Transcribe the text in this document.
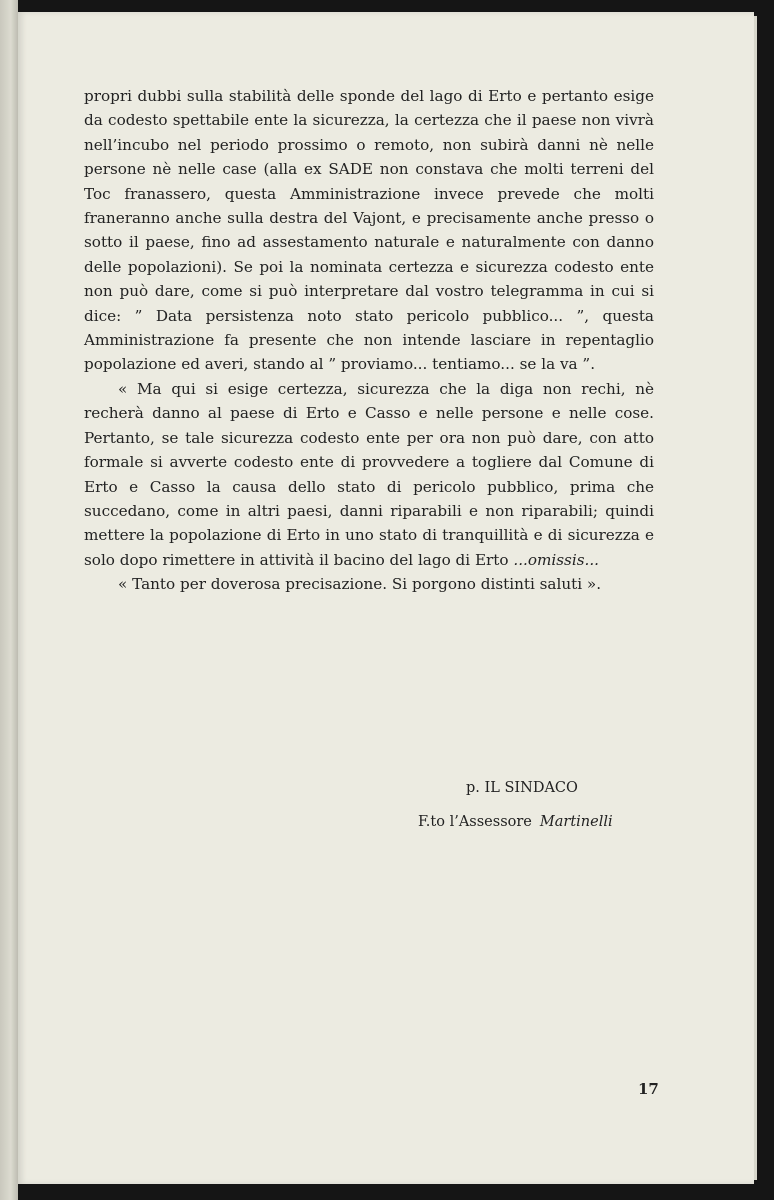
propri dubbi sulla stabilità delle sponde del lago di Erto e pertanto esige da codesto spettabile ente la sicurezza, la certezza che il paese non vivrà nell’incubo nel periodo prossimo o remoto, non subirà danni nè nelle persone nè nelle case (alla ex SADE non constava che molti terreni del Toc franassero, questa Amministrazione invece prevede che molti franeranno anche sulla destra del Vajont, e precisamente anche presso o sotto il paese, fino ad assestamento naturale e naturalmente con danno delle popolazioni). Se poi la nominata certezza e sicurezza codesto ente non può dare, come si può interpretare dal vostro telegramma in cui si dice: ” Data persistenza noto stato pericolo pubblico... ”, questa Amministrazione fa presente che non intende lasciare in repentaglio popolazione ed averi, stando al ” proviamo... tentiamo... se la va ”.

« Ma qui si esige certezza, sicurezza che la diga non rechi, nè recherà danno al paese di Erto e Casso e nelle persone e nelle cose. Pertanto, se tale sicurezza codesto ente per ora non può dare, con atto formale si avverte codesto ente di provvedere a togliere dal Comune di Erto e Casso la causa dello stato di pericolo pubblico, prima che succedano, come in altri paesi, danni riparabili e non riparabili; quindi mettere la popolazione di Erto in uno stato di tranquillità e di sicurezza e solo dopo rimettere in attività il bacino del lago di Erto ...omissis...

« Tanto per doverosa precisazione. Si porgono distinti saluti ».

p. IL SINDACO
F.to l’Assessore Martinelli
17
